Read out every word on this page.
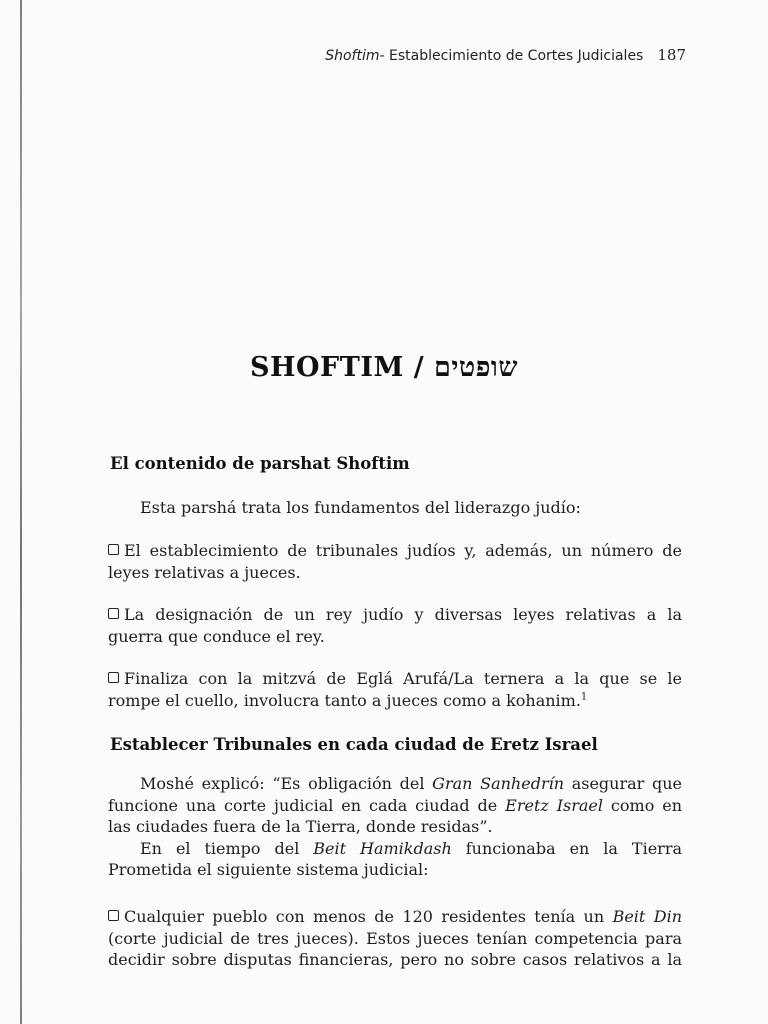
Shoftim- Establecimiento de Cortes Judiciales 187
SHOFTIM / שופטים
El contenido de parshat Shoftim
Esta parshá trata los fundamentos del liderazgo judío:
El establecimiento de tribunales judíos y, además, un número de
leyes relativas a jueces.
La designación de un rey judío y diversas leyes relativas a la
guerra que conduce el rey.
Finaliza con la mitzvá de Eglá Arufá/La ternera a la que se le
rompe el cuello, involucra tanto a jueces como a kohanim.$^1$
Establecer Tribunales en cada ciudad de Eretz Israel
Moshé explicó: “Es obligación del Gran Sanhedrín asegurar que
funcione una corte judicial en cada ciudad de Eretz Israel como en
las ciudades fuera de la Tierra, donde residas”.
En el tiempo del Beit Hamikdash funcionaba en la Tierra
Prometida el siguiente sistema judicial:
Cualquier pueblo con menos de 120 residentes tenía un Beit Din
(corte judicial de tres jueces). Estos jueces tenían competencia para
decidir sobre disputas financieras, pero no sobre casos relativos a la
